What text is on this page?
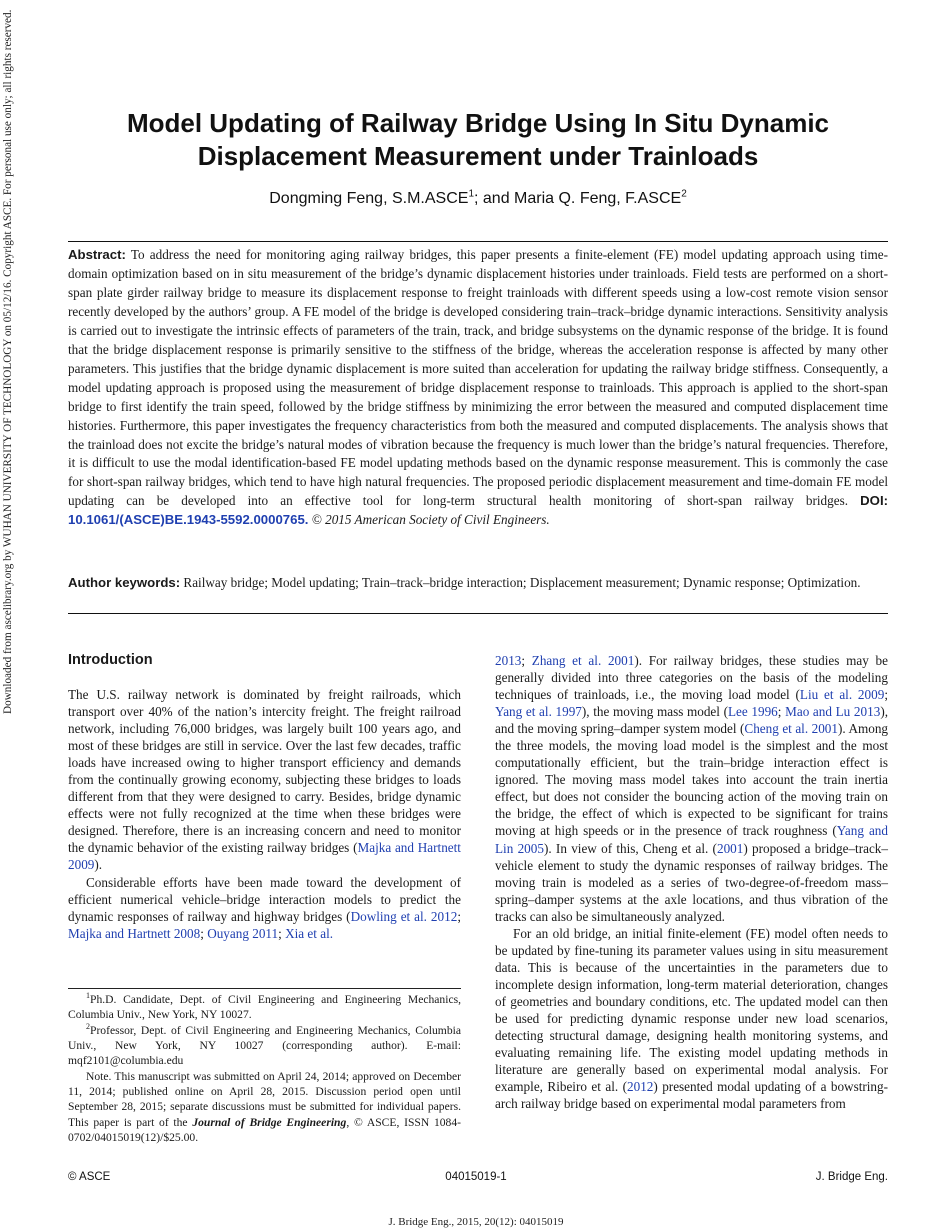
Downloaded from ascelibrary.org by WUHAN UNIVERSITY OF TECHNOLOGY on 05/12/16. Copyright ASCE. For personal use only; all rights reserved.	Model Updating of Railway Bridge Using In Situ Dynamic Displacement Measurement under Trainloads
Dongming Feng, S.M.ASCE$^1$; and Maria Q. Feng, F.ASCE$^2$
Abstract: To address the need for monitoring aging railway bridges, this paper presents a finite-element (FE) model updating approach using time-domain optimization based on in situ measurement of the bridge’s dynamic displacement histories under trainloads. Field tests are performed on a short-span plate girder railway bridge to measure its displacement response to freight trainloads with different speeds using a low-cost remote vision sensor recently developed by the authors’ group. A FE model of the bridge is developed considering train–track–bridge dynamic interactions. Sensitivity analysis is carried out to investigate the intrinsic effects of parameters of the train, track, and bridge subsystems on the dynamic response of the bridge. It is found that the bridge displacement response is primarily sensitive to the stiffness of the bridge, whereas the acceleration response is affected by many other parameters. This justifies that the bridge dynamic displacement is more suited than acceleration for updating the railway bridge stiffness. Consequently, a model updating approach is proposed using the measurement of bridge displacement response to trainloads. This approach is applied to the short-span bridge to first identify the train speed, followed by the bridge stiffness by minimizing the error between the measured and computed displacement time histories. Furthermore, this paper investigates the frequency characteristics from both the measured and computed displacements. The analysis shows that the trainload does not excite the bridge’s natural modes of vibration because the frequency is much lower than the bridge’s natural frequencies. Therefore, it is difficult to use the modal identification-based FE model updating methods based on the dynamic response measurement. This is commonly the case for short-span railway bridges, which tend to have high natural frequencies. The proposed periodic displacement measurement and time-domain FE model updating can be developed into an effective tool for long-term structural health monitoring of short-span railway bridges. DOI: 10.1061/(ASCE)BE.1943-5592.0000765. © 2015 American Society of Civil Engineers.
Author keywords: Railway bridge; Model updating; Train–track–bridge interaction; Displacement measurement; Dynamic response; Optimization.
Introduction

The U.S. railway network is dominated by freight railroads, which transport over 40% of the nation’s intercity freight. The freight railroad network, including 76,000 bridges, was largely built 100 years ago, and most of these bridges are still in service. Over the last few decades, traffic loads have increased owing to higher transport efficiency and demands from the continually growing economy, subjecting these bridges to loads different from that they were designed to carry. Besides, bridge dynamic effects were not fully recognized at the time when these bridges were designed. Therefore, there is an increasing concern and need to monitor the dynamic behavior of the existing railway bridges (Majka and Hartnett 2009).

Considerable efforts have been made toward the development of efficient numerical vehicle–bridge interaction models to predict the dynamic responses of railway and highway bridges (Dowling et al. 2012; Majka and Hartnett 2008; Ouyang 2011; Xia et al.

$^1$Ph.D. Candidate, Dept. of Civil Engineering and Engineering Mechanics, Columbia Univ., New York, NY 10027.

$^2$Professor, Dept. of Civil Engineering and Engineering Mechanics, Columbia Univ., New York, NY 10027 (corresponding author). E-mail: mqf2101@columbia.edu

Note. This manuscript was submitted on April 24, 2014; approved on December 11, 2014; published online on April 28, 2015. Discussion period open until September 28, 2015; separate discussions must be submitted for individual papers. This paper is part of the Journal of Bridge Engineering, © ASCE, ISSN 1084-0702/04015019(12)/$25.00.

2013; Zhang et al. 2001). For railway bridges, these studies may be generally divided into three categories on the basis of the modeling techniques of trainloads, i.e., the moving load model (Liu et al. 2009; Yang et al. 1997), the moving mass model (Lee 1996; Mao and Lu 2013), and the moving spring–damper system model (Cheng et al. 2001). Among the three models, the moving load model is the simplest and the most computationally efficient, but the train–bridge interaction effect is ignored. The moving mass model takes into account the train inertia effect, but does not consider the bouncing action of the moving train on the bridge, the effect of which is expected to be significant for trains moving at high speeds or in the presence of track roughness (Yang and Lin 2005). In view of this, Cheng et al. (2001) proposed a bridge–track–vehicle element to study the dynamic responses of railway bridges. The moving train is modeled as a series of two-degree-of-freedom mass–spring–damper systems at the axle locations, and thus vibration of the tracks can also be simultaneously analyzed.

For an old bridge, an initial finite-element (FE) model often needs to be updated by fine-tuning its parameter values using in situ measurement data. This is because of the uncertainties in the parameters due to incomplete design information, long-term material deterioration, changes of geometries and boundary conditions, etc. The updated model can then be used for predicting dynamic response under new load scenarios, detecting structural damage, designing health monitoring systems, and evaluating remaining life. The existing model updating methods in literature are generally based on experimental modal analysis. For example, Ribeiro et al. (2012) presented modal updating of a bowstring-arch railway bridge based on experimental modal parameters from

© ASCE	04015019-1	J. Bridge Eng.
J. Bridge Eng., 2015, 20(12): 04015019
